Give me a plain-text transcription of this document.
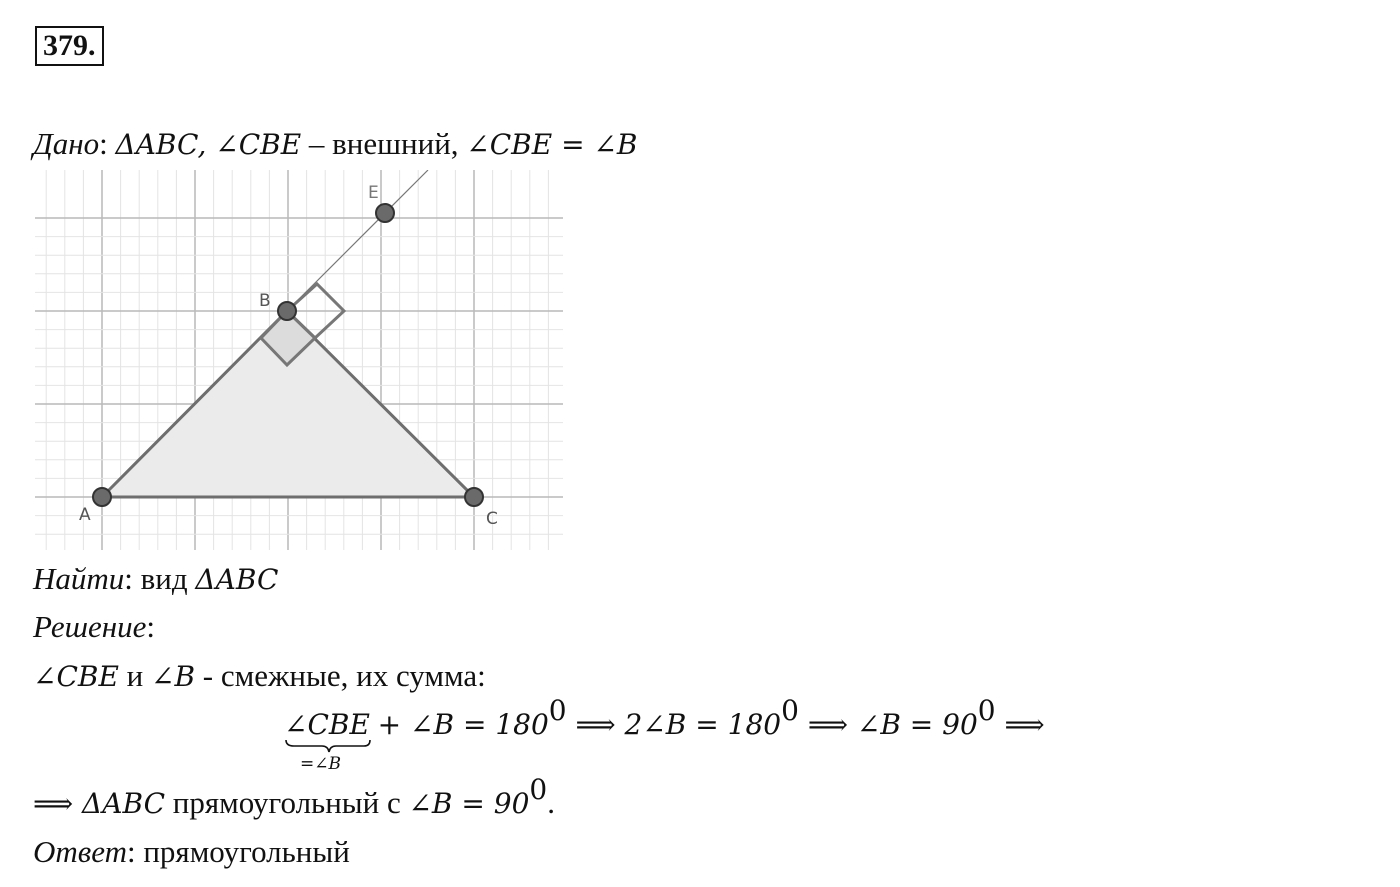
379.
Дано: ΔABC, ∠CBE – внешний, ∠CBE = ∠B
A
B
C
E
Найти: вид ΔABC
Решение:
∠CBE и ∠B - смежные, их сумма:
∠CBE + ∠B = $180^0$ ⟹ 2∠B = $180^0$ ⟹ ∠B = $90^0$ ⟹
=∠B
⟹ ΔABC прямоугольный с ∠B = $90^0$.
Ответ: прямоугольный
